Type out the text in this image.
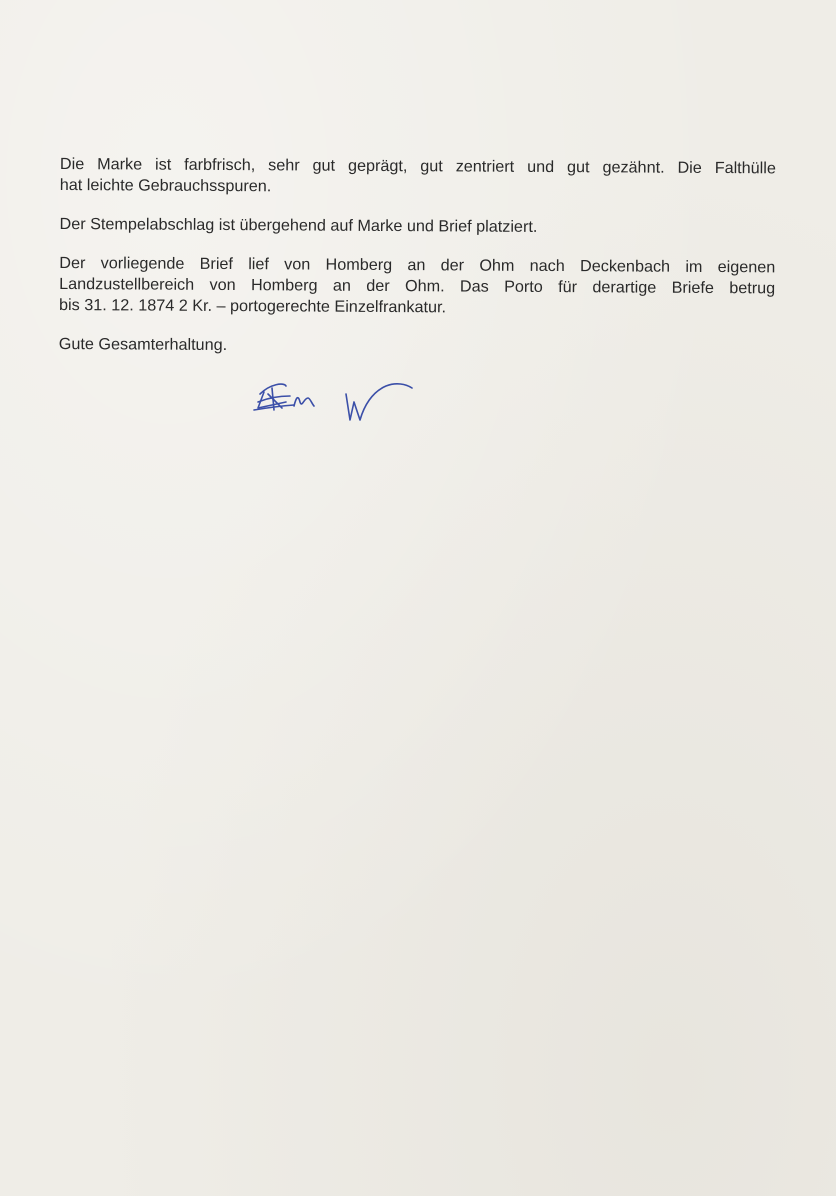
Die Marke ist farbfrisch, sehr gut geprägt, gut zentriert und gut gezähnt. Die Falthülle
hat leichte Gebrauchsspuren.

Der Stempelabschlag ist übergehend auf Marke und Brief platziert.

Der vorliegende Brief lief von Homberg an der Ohm nach Deckenbach im eigenen
Landzustellbereich von Homberg an der Ohm. Das Porto für derartige Briefe betrug
bis 31. 12. 1874 2 Kr. – portogerechte Einzelfrankatur.

Gute Gesamterhaltung.
